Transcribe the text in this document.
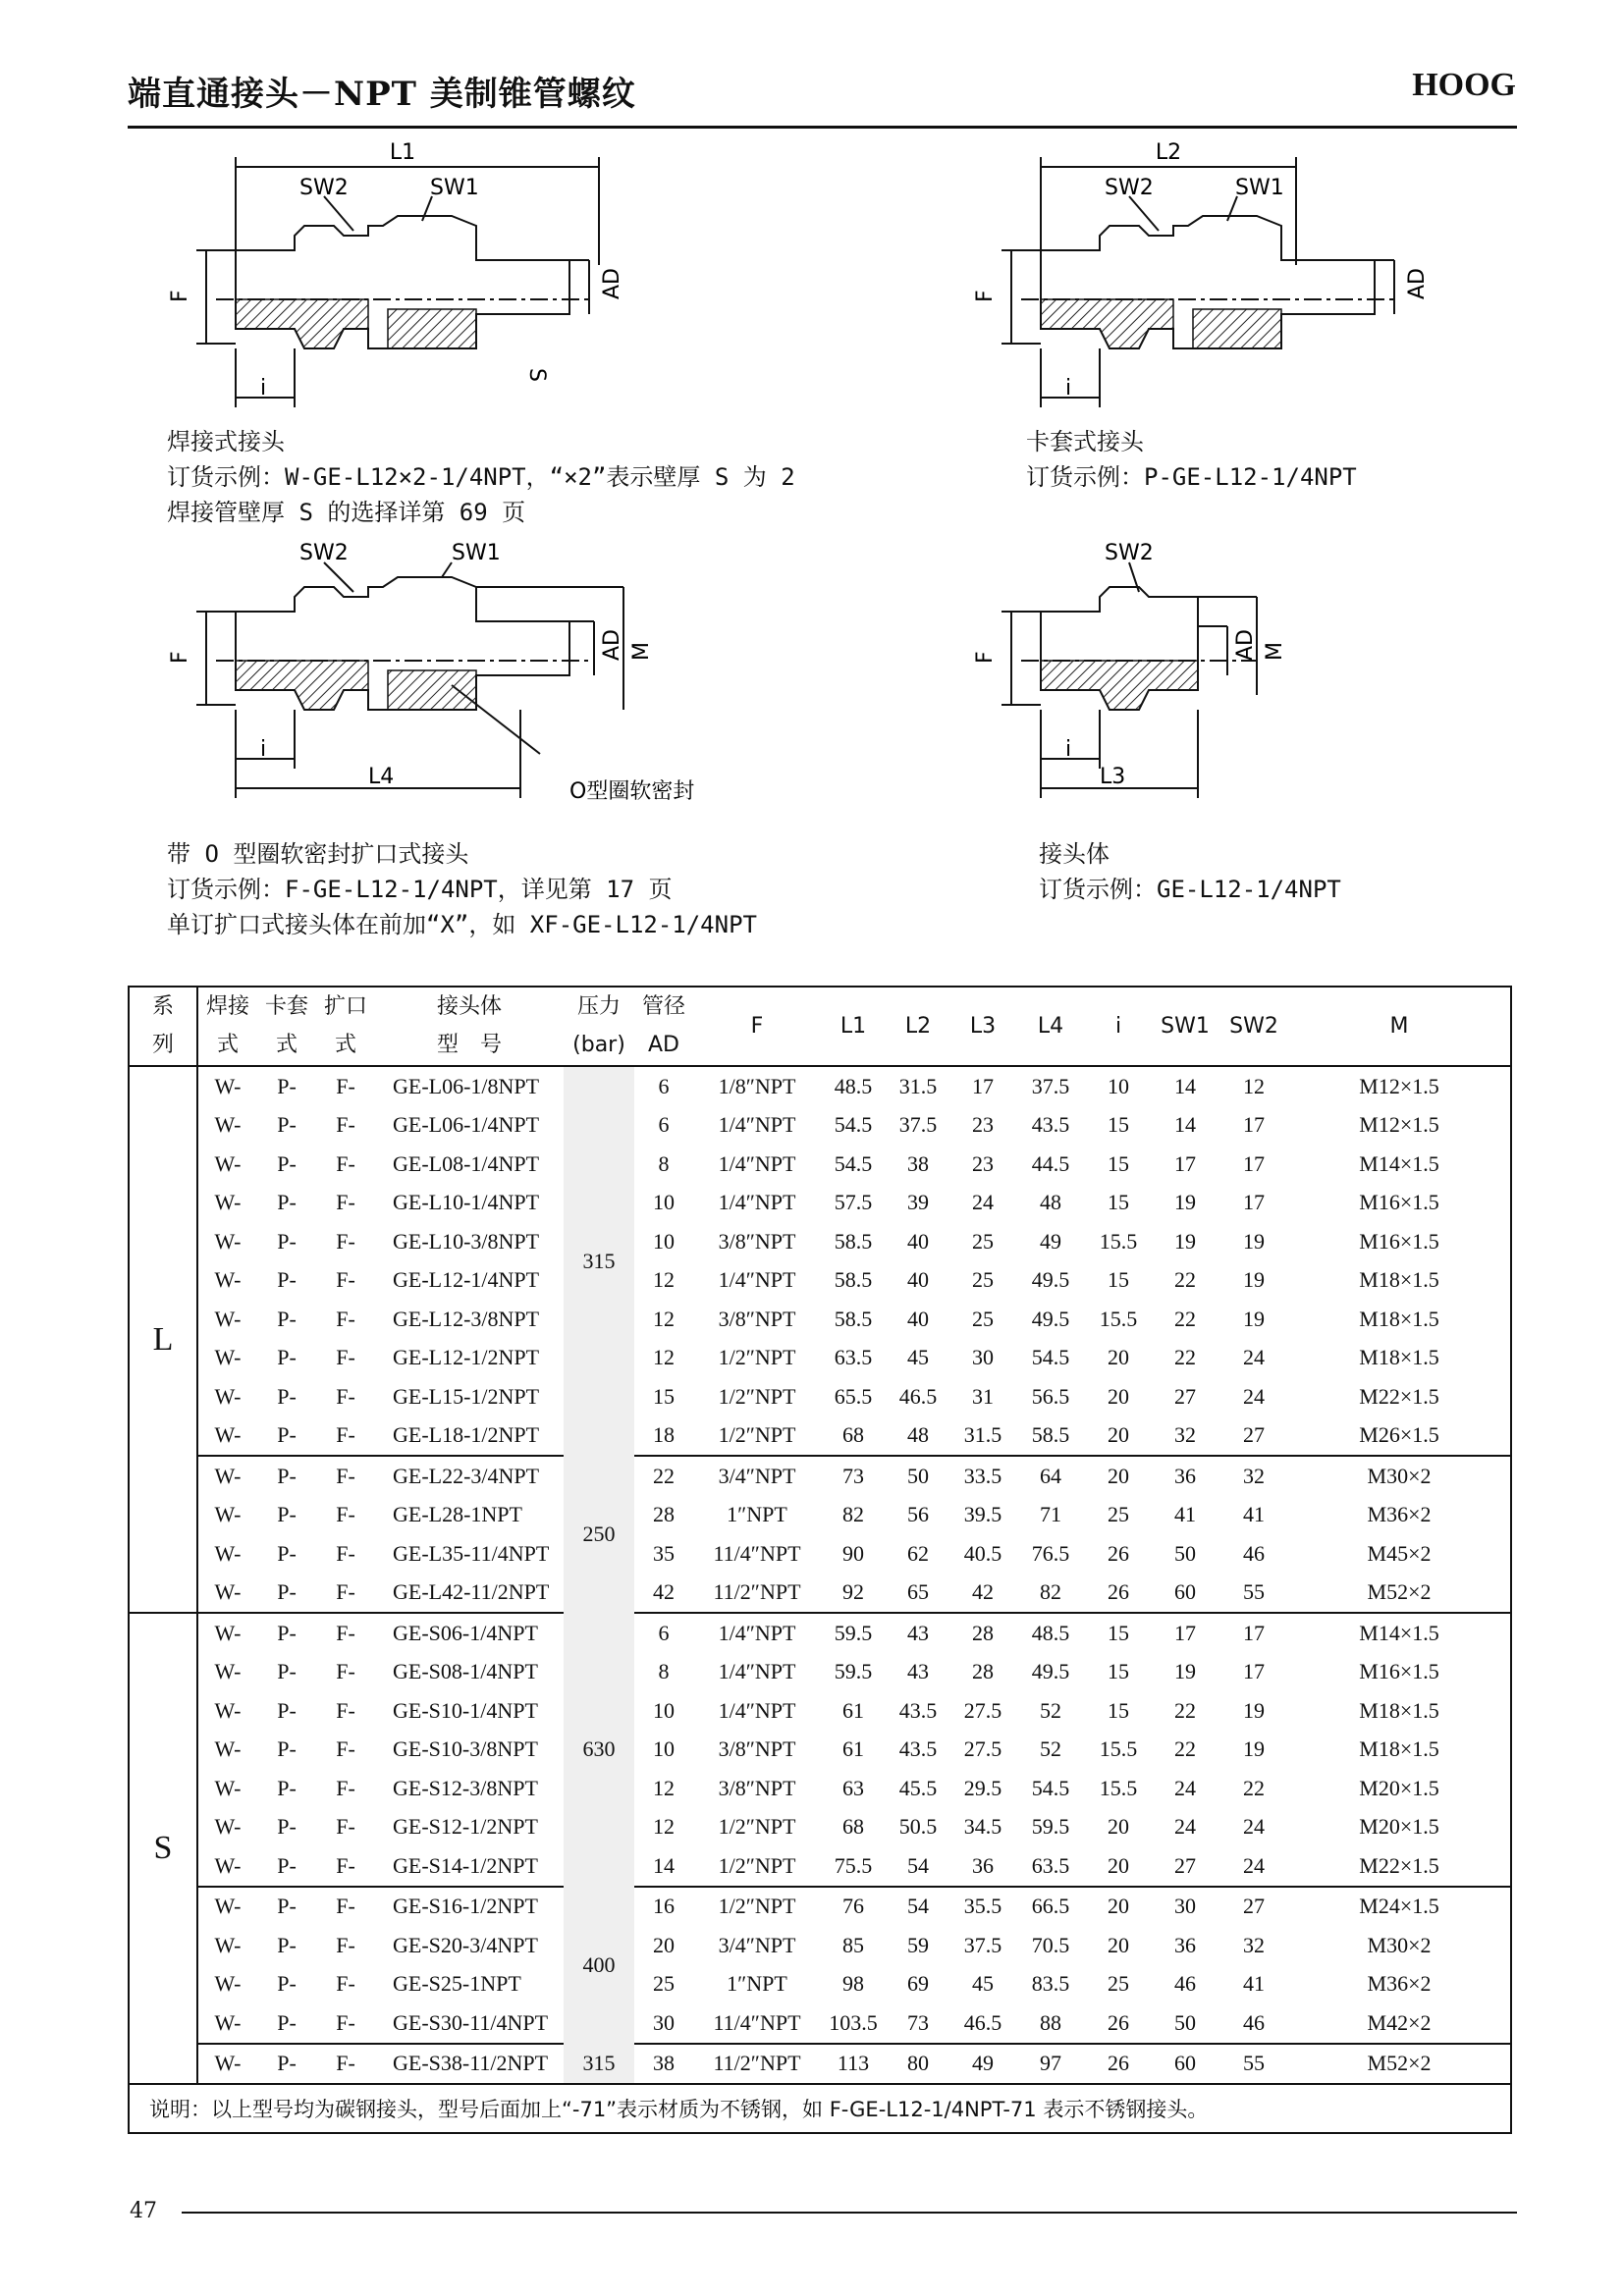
端直通接头－NPT 美制锥管螺纹	HOOG
L1
SW2	SW1
F	AD
S
i
L2
SW2	SW1
F	AD
i
SW2	SW1
F	AD M
i
L4
O型圈软密封
SW2
F	AD M
i
L3
焊接式接头
订货示例：W-GE-L12×2-1/4NPT，“×2”表示壁厚 S 为 2
焊接管壁厚 S 的选择详第 69 页
卡套式接头
订货示例：P-GE-L12-1/4NPT
带 O 型圈软密封扩口式接头
订货示例：F-GE-L12-1/4NPT，详见第 17 页
单订扩口式接头体在前加“X”，如 XF-GE-L12-1/4NPT
接头体
订货示例：GE-L12-1/4NPT
系	焊接	卡套	扩口	接头体	压力	管径	F	L1	L2	L3	L4	i	SW1	SW2	M
列	式	式	式	型　号	(bar)	AD									

L	W-	P-	F-	GE-L06-1/8NPT	315	6	1/8″NPT	48.5	31.5	17	37.5	10	14	12	M12×1.5
	W-	P-	F-	GE-L06-1/4NPT		6	1/4″NPT	54.5	37.5	23	43.5	15	14	17	M12×1.5
	W-	P-	F-	GE-L08-1/4NPT		8	1/4″NPT	54.5	38	23	44.5	15	17	17	M14×1.5
	W-	P-	F-	GE-L10-1/4NPT		10	1/4″NPT	57.5	39	24	48	15	19	17	M16×1.5
	W-	P-	F-	GE-L10-3/8NPT		10	3/8″NPT	58.5	40	25	49	15.5	19	19	M16×1.5
	W-	P-	F-	GE-L12-1/4NPT		12	1/4″NPT	58.5	40	25	49.5	15	22	19	M18×1.5
	W-	P-	F-	GE-L12-3/8NPT		12	3/8″NPT	58.5	40	25	49.5	15.5	22	19	M18×1.5
	W-	P-	F-	GE-L12-1/2NPT		12	1/2″NPT	63.5	45	30	54.5	20	22	24	M18×1.5
	W-	P-	F-	GE-L15-1/2NPT		15	1/2″NPT	65.5	46.5	31	56.5	20	27	24	M22×1.5
	W-	P-	F-	GE-L18-1/2NPT		18	1/2″NPT	68	48	31.5	58.5	20	32	27	M26×1.5
	W-	P-	F-	GE-L22-3/4NPT	250	22	3/4″NPT	73	50	33.5	64	20	36	32	M30×2
	W-	P-	F-	GE-L28-1NPT		28	1″NPT	82	56	39.5	71	25	41	41	M36×2
	W-	P-	F-	GE-L35-11/4NPT		35	11/4″NPT	90	62	40.5	76.5	26	50	46	M45×2
	W-	P-	F-	GE-L42-11/2NPT		42	11/2″NPT	92	65	42	82	26	60	55	M52×2
S	W-	P-	F-	GE-S06-1/4NPT	630	6	1/4″NPT	59.5	43	28	48.5	15	17	17	M14×1.5
	W-	P-	F-	GE-S08-1/4NPT		8	1/4″NPT	59.5	43	28	49.5	15	19	17	M16×1.5
	W-	P-	F-	GE-S10-1/4NPT		10	1/4″NPT	61	43.5	27.5	52	15	22	19	M18×1.5
	W-	P-	F-	GE-S10-3/8NPT		10	3/8″NPT	61	43.5	27.5	52	15.5	22	19	M18×1.5
	W-	P-	F-	GE-S12-3/8NPT		12	3/8″NPT	63	45.5	29.5	54.5	15.5	24	22	M20×1.5
	W-	P-	F-	GE-S12-1/2NPT		12	1/2″NPT	68	50.5	34.5	59.5	20	24	24	M20×1.5
	W-	P-	F-	GE-S14-1/2NPT		14	1/2″NPT	75.5	54	36	63.5	20	27	24	M22×1.5
	W-	P-	F-	GE-S16-1/2NPT	400	16	1/2″NPT	76	54	35.5	66.5	20	30	27	M24×1.5
	W-	P-	F-	GE-S20-3/4NPT		20	3/4″NPT	85	59	37.5	70.5	20	36	32	M30×2
	W-	P-	F-	GE-S25-1NPT		25	1″NPT	98	69	45	83.5	25	46	41	M36×2
	W-	P-	F-	GE-S30-11/4NPT		30	11/4″NPT	103.5	73	46.5	88	26	50	46	M42×2
	W-	P-	F-	GE-S38-11/2NPT	315	38	11/2″NPT	113	80	49	97	26	60	55	M52×2
说明：以上型号均为碳钢接头，型号后面加上“-71”表示材质为不锈钢，如 F-GE-L12-1/4NPT-71 表示不锈钢接头。															
47
